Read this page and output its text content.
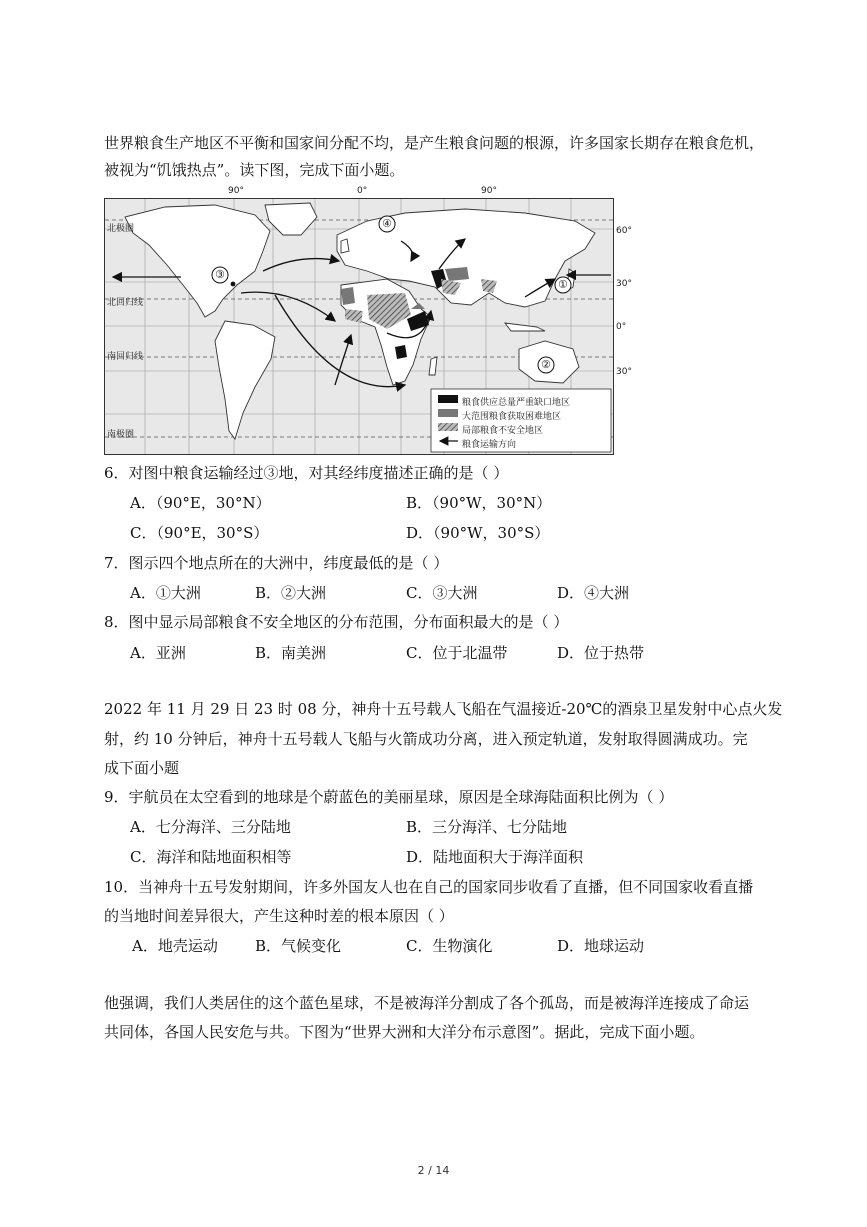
世界粮食生产地区不平衡和国家间分配不均，是产生粮食问题的根源，许多国家长期存在粮食危机，
被视为“饥饿热点”。读下图，完成下面小题。
90°	0°	90°
60°
30°
0°
30°
北极圈
北回归线
南回归线
南极圈
①
②
③
④
粮食供应总量严重缺口地区
大范围粮食获取困难地区
局部粮食不安全地区
粮食运输方向
6．对图中粮食运输经过③地，对其经纬度描述正确的是（ ）
A．（90°E，30°N）	B．（90°W，30°N）
C．（90°E，30°S）	D．（90°W，30°S）
7．图示四个地点所在的大洲中，纬度最低的是（ ）
A．①大洲	B．②大洲	C．③大洲	D．④大洲
8．图中显示局部粮食不安全地区的分布范围，分布面积最大的是（ ）
A．亚洲	B．南美洲	C．位于北温带	D．位于热带
2022 年 11 月 29 日 23 时 08 分，神舟十五号载人飞船在气温接近-20℃的酒泉卫星发射中心点火发
射，约 10 分钟后，神舟十五号载人飞船与火箭成功分离，进入预定轨道，发射取得圆满成功。完
成下面小题
9．宇航员在太空看到的地球是个蔚蓝色的美丽星球，原因是全球海陆面积比例为（ ）
A．七分海洋、三分陆地	B．三分海洋、七分陆地
C．海洋和陆地面积相等	D．陆地面积大于海洋面积
10．当神舟十五号发射期间，许多外国友人也在自己的国家同步收看了直播，但不同国家收看直播
的当地时间差异很大，产生这种时差的根本原因（ ）
A．地壳运动 B．气候变化	C．生物演化	D．地球运动
他强调，我们人类居住的这个蓝色星球，不是被海洋分割成了各个孤岛，而是被海洋连接成了命运
共同体，各国人民安危与共。下图为“世界大洲和大洋分布示意图”。据此，完成下面小题。
2 / 14
